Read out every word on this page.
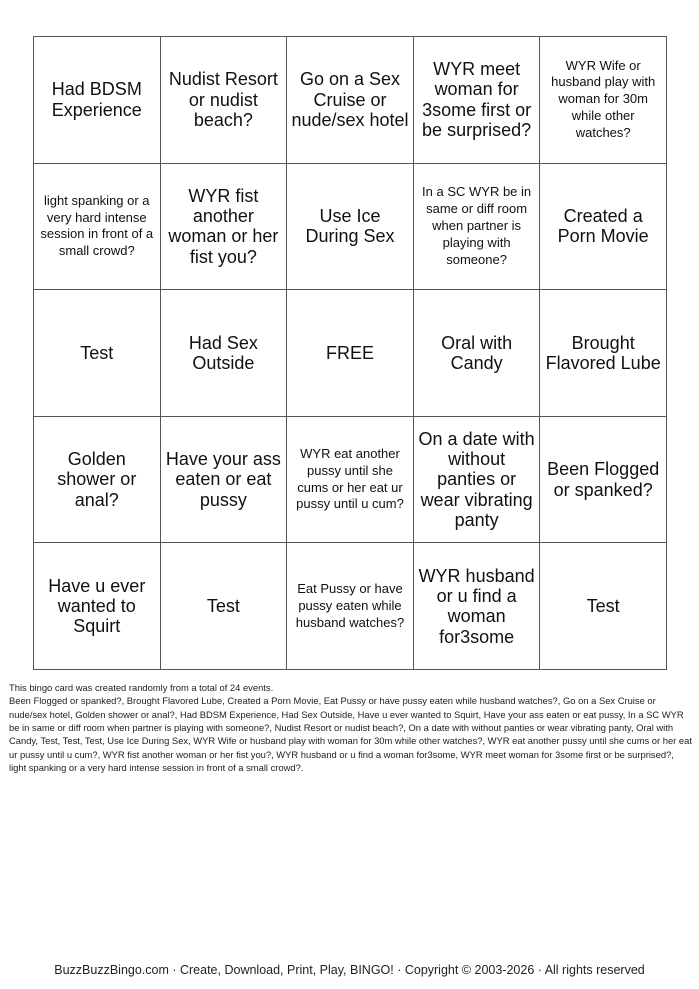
Had BDSM Experience
Nudist Resort or nudist beach?
Go on a Sex Cruise or nude/sex hotel
WYR meet woman for 3some first or be surprised?
WYR Wife or husband play with woman for 30m while other watches?
light spanking or a very hard intense session in front of a small crowd?
WYR fist another woman or her fist you?
Use Ice During Sex
In a SC WYR be in same or diff room when partner is playing with someone?
Created a Porn Movie
Test
Had Sex Outside
FREE
Oral with Candy
Brought Flavored Lube
Golden shower or anal?
Have your ass eaten or eat pussy
WYR eat another pussy until she cums or her eat ur pussy until u cum?
On a date with without panties or wear vibrating panty
Been Flogged or spanked?
Have u ever wanted to Squirt
Test
Eat Pussy or have pussy eaten while husband watches?
WYR husband or u find a woman for3some
Test

This bingo card was created randomly from a total of 24 events.

Been Flogged or spanked?, Brought Flavored Lube, Created a Porn Movie, Eat Pussy or have pussy eaten while husband watches?, Go on a Sex Cruise or nude/sex hotel, Golden shower or anal?, Had BDSM Experience, Had Sex Outside, Have u ever wanted to Squirt, Have your ass eaten or eat pussy, In a SC WYR be in same or diff room when partner is playing with someone?, Nudist Resort or nudist beach?, On a date with without panties or wear vibrating panty, Oral with Candy, Test, Test, Test, Use Ice During Sex, WYR Wife or husband play with woman for 30m while other watches?, WYR eat another pussy until she cums or her eat ur pussy until u cum?, WYR fist another woman or her fist you?, WYR husband or u find a woman for3some, WYR meet woman for 3some first or be surprised?, light spanking or a very hard intense session in front of a small crowd?.

BuzzBuzzBingo.com · Create, Download, Print, Play, BINGO! · Copyright © 2003-2026 · All rights reserved
